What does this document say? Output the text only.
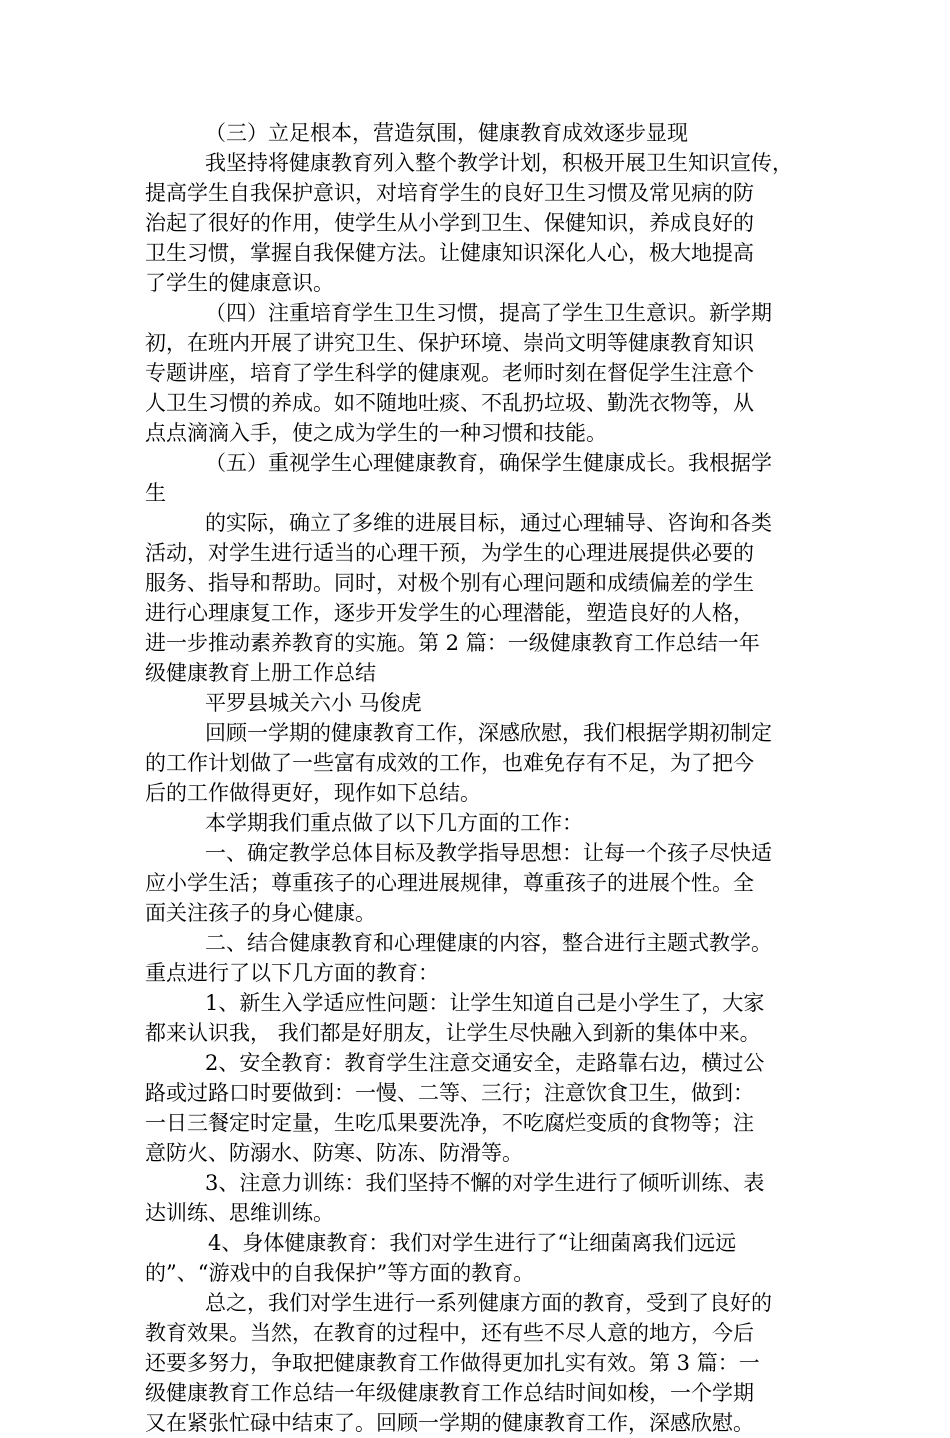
（三）立足根本，营造氛围，健康教育成效逐步显现
我坚持将健康教育列入整个教学计划，积极开展卫生知识宣传，
提高学生自我保护意识，对培育学生的良好卫生习惯及常见病的防
治起了很好的作用，使学生从小学到卫生、保健知识，养成良好的
卫生习惯，掌握自我保健方法。让健康知识深化人心，极大地提高
了学生的健康意识。
（四）注重培育学生卫生习惯，提高了学生卫生意识。新学期
初，在班内开展了讲究卫生、保护环境、崇尚文明等健康教育知识
专题讲座，培育了学生科学的健康观。老师时刻在督促学生注意个
人卫生习惯的养成。如不随地吐痰、不乱扔垃圾、勤洗衣物等，从
点点滴滴入手，使之成为学生的一种习惯和技能。
（五）重视学生心理健康教育，确保学生健康成长。我根据学
生
的实际，确立了多维的进展目标，通过心理辅导、咨询和各类
活动，对学生进行适当的心理干预，为学生的心理进展提供必要的
服务、指导和帮助。同时，对极个别有心理问题和成绩偏差的学生
进行心理康复工作，逐步开发学生的心理潜能，塑造良好的人格，
进一步推动素养教育的实施。第 2 篇：一级健康教育工作总结一年
级健康教育上册工作总结
平罗县城关六小 马俊虎
回顾一学期的健康教育工作，深感欣慰，我们根据学期初制定
的工作计划做了一些富有成效的工作，也难免存有不足，为了把今
后的工作做得更好，现作如下总结。
本学期我们重点做了以下几方面的工作：
一、确定教学总体目标及教学指导思想：让每一个孩子尽快适
应小学生活；尊重孩子的心理进展规律，尊重孩子的进展个性。全
面关注孩子的身心健康。
二、结合健康教育和心理健康的内容，整合进行主题式教学。
重点进行了以下几方面的教育：
1、新生入学适应性问题：让学生知道自己是小学生了，大家
都来认识我， 我们都是好朋友，让学生尽快融入到新的集体中来。
2、安全教育：教育学生注意交通安全，走路靠右边，横过公
路或过路口时要做到：一慢、二等、三行；注意饮食卫生，做到：
一日三餐定时定量，生吃瓜果要洗净，不吃腐烂变质的食物等；注
意防火、防溺水、防寒、防冻、防滑等。
3、注意力训练：我们坚持不懈的对学生进行了倾听训练、表
达训练、思维训练。
4、身体健康教育：我们对学生进行了“让细菌离我们远远
的”、“游戏中的自我保护”等方面的教育。
总之，我们对学生进行一系列健康方面的教育，受到了良好的
教育效果。当然，在教育的过程中，还有些不尽人意的地方，今后
还要多努力，争取把健康教育工作做得更加扎实有效。第 3 篇：一
级健康教育工作总结一年级健康教育工作总结时间如梭，一个学期
又在紧张忙碌中结束了。回顾一学期的健康教育工作，深感欣慰。
